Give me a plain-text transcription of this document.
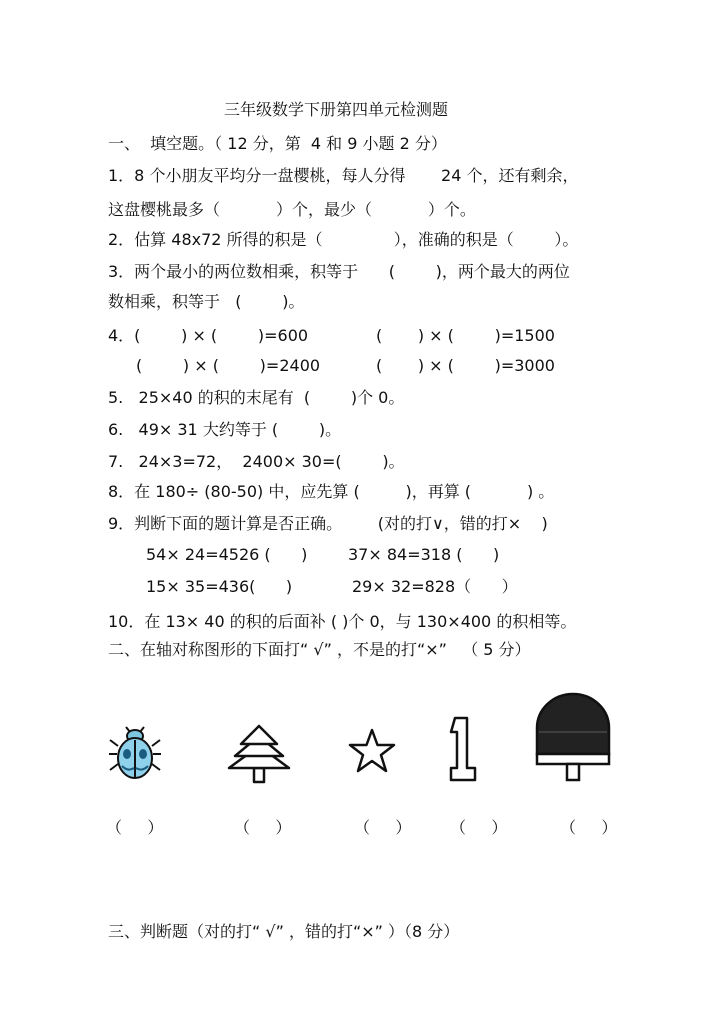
三年级数学下册第四单元检测题
一、  填空题。（ 12 分，第  4 和 9 小题 2 分）
1．8 个小朋友平均分一盘樱桃，每人分得       24 个，还有剩余，
这盘樱桃最多（           ）个，最少（           ）个。
2．估算 48x72 所得的积是（              ），准确的积是（        ）。
3．两个最小的两位数相乘，积等于      (        )，两个最大的两位
数相乘，积等于   (        )。
4．(        ) × (        )=600	(       ) × (        )=1500
(        ) × (        )=2400	(       ) × (        )=3000
5.   25×40 的积的末尾有  (        )个 0。
6.   49× 31 大约等于 (        )。
7.   24×3=72，  2400× 30=(        )。
8．在 180÷ (80-50) 中，应先算 (         )，再算 (           ) 。
9．判断下面的题计算是否正确。       (对的打∨，错的打×    )
54× 24=4526 (      )	37× 84=318 (      )
15× 35=436(      )	29× 32=828（      ）
10．在 13× 40 的积的后面补 ( )个 0，与 130×400 的积相等。
二、在轴对称图形的下面打“ √” ，不是的打“×”   （ 5 分）
（     ）	（     ）	（     ） （     ）	（     ）
三、判断题（对的打“ √” ，错的打“×” ）（8 分）
